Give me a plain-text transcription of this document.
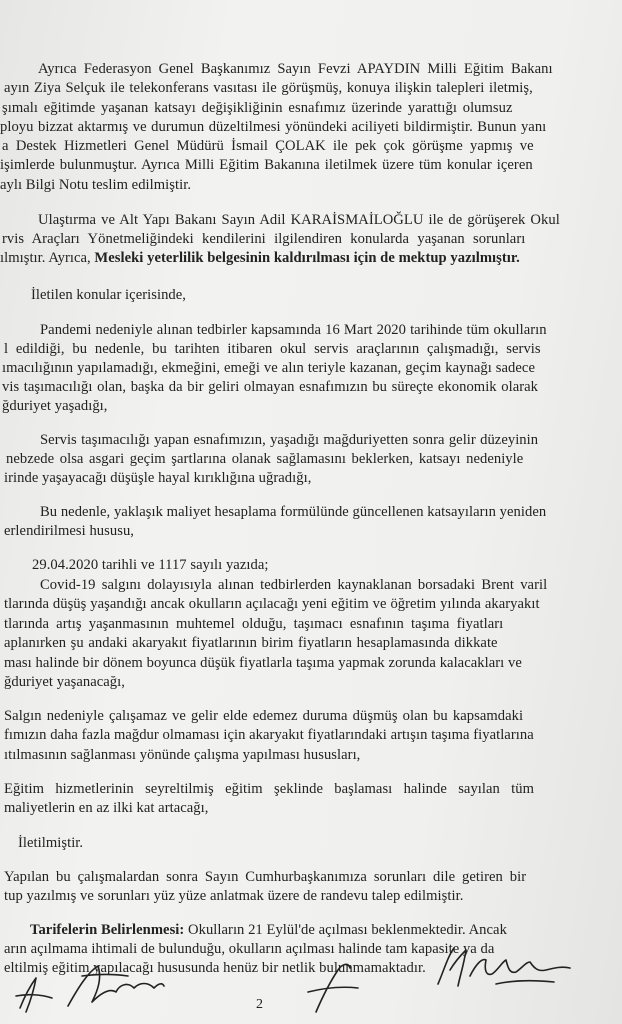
Ayrıca Federasyon Genel Başkanımız Sayın Fevzi APAYDIN Milli Eğitim Bakanı
ayın Ziya Selçuk ile telekonferans vasıtası ile görüşmüş, konuya ilişkin talepleri iletmiş,
şımalı eğitimde yaşanan katsayı değişikliğinin esnafımız üzerinde yarattığı olumsuz
ployu bizzat aktarmış ve durumun düzeltilmesi yönündeki aciliyeti bildirmiştir. Bunun yanı
a Destek Hizmetleri Genel Müdürü İsmail ÇOLAK ile pek çok görüşme yapmış ve
işimlerde bulunmuştur. Ayrıca Milli Eğitim Bakanına iletilmek üzere tüm konular içeren
aylı Bilgi Notu teslim edilmiştir.
Ulaştırma ve Alt Yapı Bakanı Sayın Adil KARAİSMAİLOĞLU ile de görüşerek Okul
rvis Araçları Yönetmeliğindeki kendilerini ilgilendiren konularda yaşanan sorunları
ılmıştır. Ayrıca, Mesleki yeterlilik belgesinin kaldırılması için de mektup yazılmıştır.
İletilen konular içerisinde,
Pandemi nedeniyle alınan tedbirler kapsamında 16 Mart 2020 tarihinde tüm okulların
l edildiği, bu nedenle, bu tarihten itibaren okul servis araçlarının çalışmadığı, servis
ımacılığının yapılamadığı, ekmeğini, emeği ve alın teriyle kazanan, geçim kaynağı sadece
vis taşımacılığı olan, başka da bir geliri olmayan esnafımızın bu süreçte ekonomik olarak
ğduriyet yaşadığı,
Servis taşımacılığı yapan esnafımızın, yaşadığı mağduriyetten sonra gelir düzeyinin
nebzede olsa asgari geçim şartlarına olanak sağlamasını beklerken, katsayı nedeniyle
irinde yaşayacağı düşüşle hayal kırıklığına uğradığı,
Bu nedenle, yaklaşık maliyet hesaplama formülünde güncellenen katsayıların yeniden
erlendirilmesi hususu,
29.04.2020 tarihli ve 1117 sayılı yazıda;
Covid-19 salgını dolayısıyla alınan tedbirlerden kaynaklanan borsadaki Brent varil
tlarında düşüş yaşandığı ancak okulların açılacağı yeni eğitim ve öğretim yılında akaryakıt
tlarında artış yaşanmasının muhtemel olduğu, taşımacı esnafının taşıma fiyatları
aplanırken şu andaki akaryakıt fiyatlarının birim fiyatların hesaplamasında dikkate
ması halinde bir dönem boyunca düşük fiyatlarla taşıma yapmak zorunda kalacakları ve
ğduriyet yaşanacağı,
Salgın nedeniyle çalışamaz ve gelir elde edemez duruma düşmüş olan bu kapsamdaki
fımızın daha fazla mağdur olmaması için akaryakıt fiyatlarındaki artışın taşıma fiyatlarına
ıtılmasının sağlanması yönünde çalışma yapılması hususları,
Eğitim hizmetlerinin seyreltilmiş eğitim şeklinde başlaması halinde sayılan tüm
maliyetlerin en az ilki kat artacağı,
İletilmiştir.
Yapılan bu çalışmalardan sonra Sayın Cumhurbaşkanımıza sorunları dile getiren bir
tup yazılmış ve sorunları yüz yüze anlatmak üzere de randevu talep edilmiştir.
Tarifelerin Belirlenmesi: Okulların 21 Eylül'de açılması beklenmektedir. Ancak
arın açılmama ihtimali de bulunduğu, okulların açılması halinde tam kapasite ya da
eltilmiş eğitim yapılacağı hususunda henüz bir netlik bulunmamaktadır.
2
